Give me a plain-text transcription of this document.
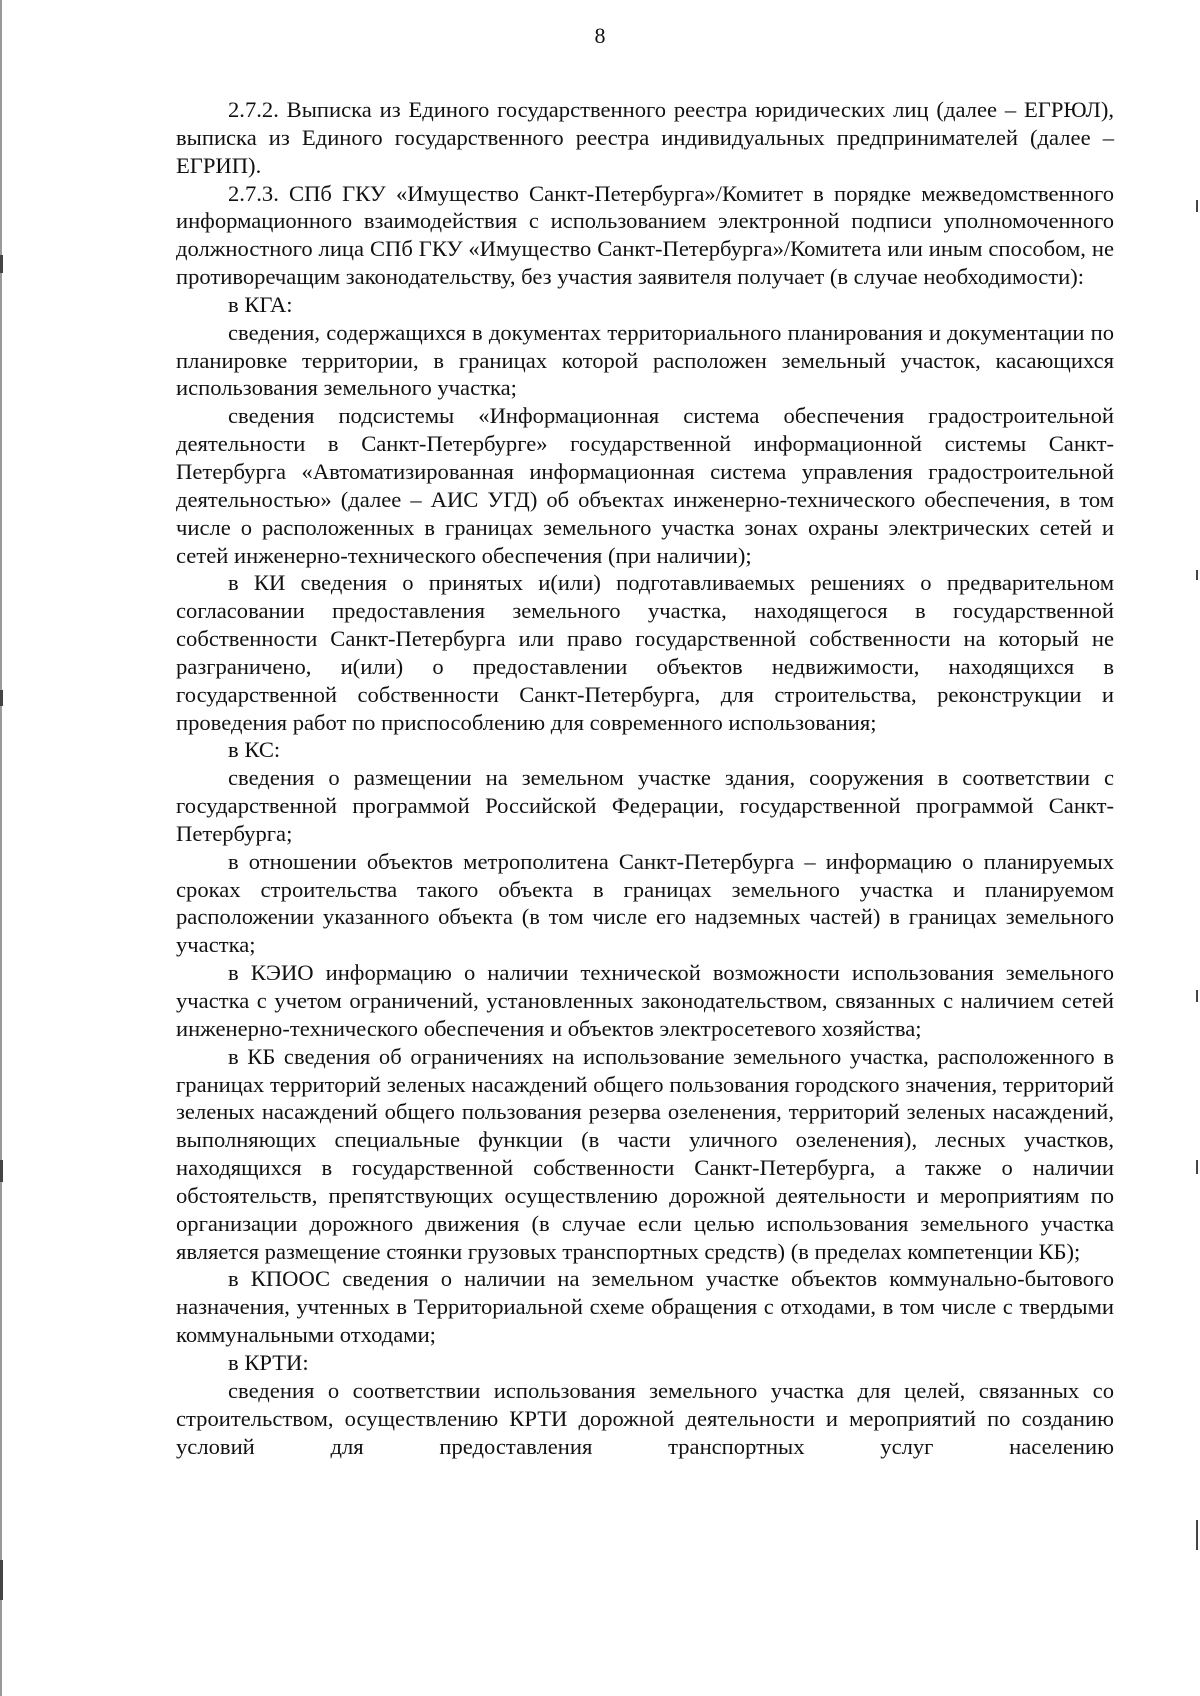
8

2.7.2. Выписка из Единого государственного реестра юридических лиц (далее – ЕГРЮЛ), выписка из Единого государственного реестра индивидуальных предпринимателей (далее – ЕГРИП).

2.7.3. СПб ГКУ «Имущество Санкт-Петербурга»/Комитет в порядке межведомственного информационного взаимодействия с использованием электронной подписи уполномоченного должностного лица СПб ГКУ «Имущество Санкт-Петербурга»/Комитета или иным способом, не противоречащим законодательству, без участия заявителя получает (в случае необходимости):

в КГА:

сведения, содержащихся в документах территориального планирования и документации по планировке территории, в границах которой расположен земельный участок, касающихся использования земельного участка;

сведения подсистемы «Информационная система обеспечения градостроительной деятельности в Санкт-Петербурге» государственной информационной системы Санкт-Петербурга «Автоматизированная информационная система управления градостроительной деятельностью» (далее – АИС УГД) об объектах инженерно-технического обеспечения, в том числе о расположенных в границах земельного участка зонах охраны электрических сетей и сетей инженерно-технического обеспечения (при наличии);

в КИ сведения о принятых и(или) подготавливаемых решениях о предварительном согласовании предоставления земельного участка, находящегося в государственной собственности Санкт-Петербурга или право государственной собственности на который не разграничено, и(или) о предоставлении объектов недвижимости, находящихся в государственной собственности Санкт-Петербурга, для строительства, реконструкции и проведения работ по приспособлению для современного использования;

в КС:

сведения о размещении на земельном участке здания, сооружения в соответствии с государственной программой Российской Федерации, государственной программой Санкт-Петербурга;

в отношении объектов метрополитена Санкт-Петербурга – информацию о планируемых сроках строительства такого объекта в границах земельного участка и планируемом расположении указанного объекта (в том числе его надземных частей) в границах земельного участка;

в КЭИО информацию о наличии технической возможности использования земельного участка с учетом ограничений, установленных законодательством, связанных с наличием сетей инженерно-технического обеспечения и объектов электросетевого хозяйства;

в КБ сведения об ограничениях на использование земельного участка, расположенного в границах территорий зеленых насаждений общего пользования городского значения, территорий зеленых насаждений общего пользования резерва озеленения, территорий зеленых насаждений, выполняющих специальные функции (в части уличного озеленения), лесных участков, находящихся в государственной собственности Санкт-Петербурга, а также о наличии обстоятельств, препятствующих осуществлению дорожной деятельности и мероприятиям по организации дорожного движения (в случае если целью использования земельного участка является размещение стоянки грузовых транспортных средств) (в пределах компетенции КБ);

в КПООС сведения о наличии на земельном участке объектов коммунально-бытового назначения, учтенных в Территориальной схеме обращения с отходами, в том числе с твердыми коммунальными отходами;

в КРТИ:

сведения о соответствии использования земельного участка для целей, связанных со строительством, осуществлению КРТИ дорожной деятельности и мероприятий по созданию условий для предоставления транспортных услуг населению
